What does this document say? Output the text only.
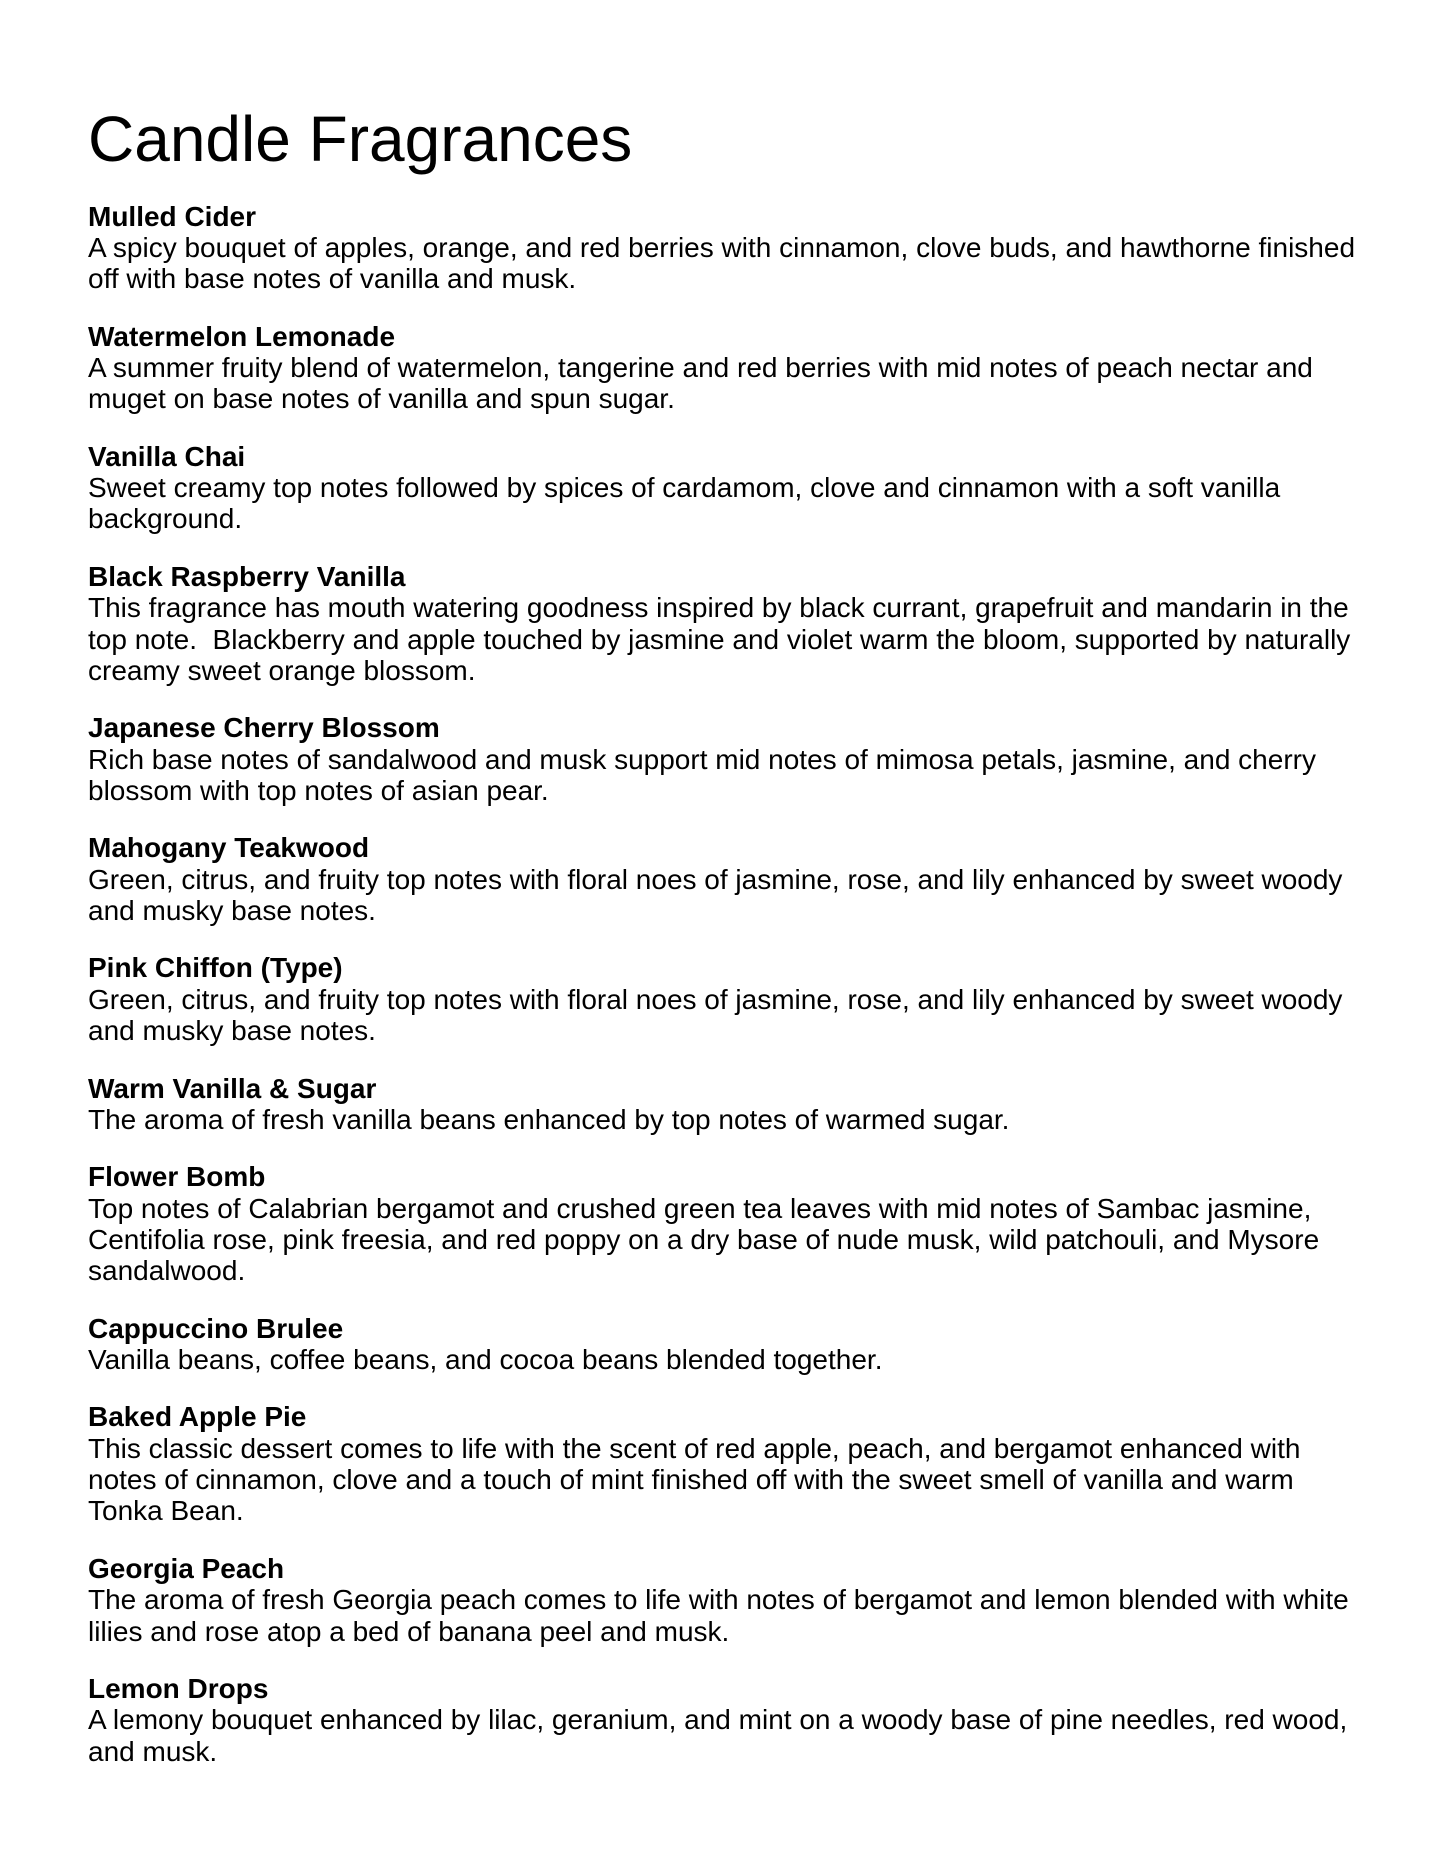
Candle Fragrances
Mulled Cider
A spicy bouquet of apples, orange, and red berries with cinnamon, clove buds, and hawthorne finished off with base notes of vanilla and musk.
Watermelon Lemonade
A summer fruity blend of watermelon, tangerine and red berries with mid notes of peach nectar and muget on base notes of vanilla and spun sugar.
Vanilla Chai
Sweet creamy top notes followed by spices of cardamom, clove and cinnamon with a soft vanilla background.
Black Raspberry Vanilla
This fragrance has mouth watering goodness inspired by black currant, grapefruit and mandarin in the top note.  Blackberry and apple touched by jasmine and violet warm the bloom, supported by naturally creamy sweet orange blossom.
Japanese Cherry Blossom
Rich base notes of sandalwood and musk support mid notes of mimosa petals, jasmine, and cherry blossom with top notes of asian pear.
Mahogany Teakwood
Green, citrus, and fruity top notes with floral noes of jasmine, rose, and lily enhanced by sweet woody and musky base notes.
Pink Chiffon (Type)
Green, citrus, and fruity top notes with floral noes of jasmine, rose, and lily enhanced by sweet woody and musky base notes.
Warm Vanilla & Sugar
The aroma of fresh vanilla beans enhanced by top notes of warmed sugar.
Flower Bomb
Top notes of Calabrian bergamot and crushed green tea leaves with mid notes of Sambac jasmine, Centifolia rose, pink freesia, and red poppy on a dry base of nude musk, wild patchouli, and Mysore sandalwood.
Cappuccino Brulee
Vanilla beans, coffee beans, and cocoa beans blended together.
Baked Apple Pie
This classic dessert comes to life with the scent of red apple, peach, and bergamot enhanced with notes of cinnamon, clove and a touch of mint finished off with the sweet smell of vanilla and warm Tonka Bean.
Georgia Peach
The aroma of fresh Georgia peach comes to life with notes of bergamot and lemon blended with white lilies and rose atop a bed of banana peel and musk.
Lemon Drops
A lemony bouquet enhanced by lilac, geranium, and mint on a woody base of pine needles, red wood, and musk.
